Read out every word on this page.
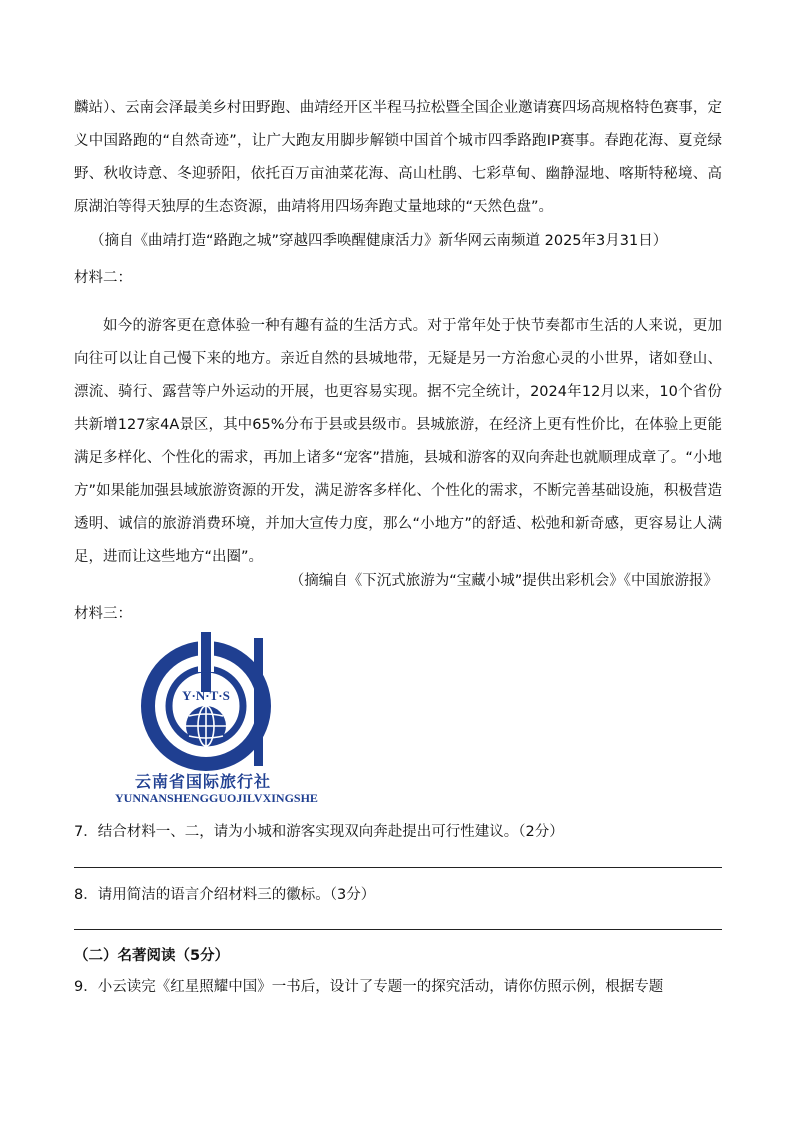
麟站）、云南会泽最美乡村田野跑、曲靖经开区半程马拉松暨全国企业邀请赛四场高规格特色赛事，定义中国路跑的“自然奇迹”，让广大跑友用脚步解锁中国首个城市四季路跑IP赛事。春跑花海、夏竞绿野、秋收诗意、冬迎骄阳，依托百万亩油菜花海、高山杜鹃、七彩草甸、幽静湿地、喀斯特秘境、高原湖泊等得天独厚的生态资源，曲靖将用四场奔跑丈量地球的“天然色盘”。
（摘自《曲靖打造“路跑之城”穿越四季唤醒健康活力》新华网云南频道 2025年3月31日）
材料二：
如今的游客更在意体验一种有趣有益的生活方式。对于常年处于快节奏都市生活的人来说，更加向往可以让自己慢下来的地方。亲近自然的县城地带，无疑是另一方治愈心灵的小世界，诸如登山、漂流、骑行、露营等户外运动的开展，也更容易实现。据不完全统计，2024年12月以来，10个省份共新增127家4A景区，其中65%分布于县或县级市。县城旅游，在经济上更有性价比，在体验上更能满足多样化、个性化的需求，再加上诸多“宠客”措施，县城和游客的双向奔赴也就顺理成章了。“小地方”如果能加强县域旅游资源的开发，满足游客多样化、个性化的需求，不断完善基础设施，积极营造透明、诚信的旅游消费环境，并加大宣传力度，那么“小地方”的舒适、松弛和新奇感，更容易让人满足，进而让这些地方“出圈”。
（摘编自《下沉式旅游为“宝藏小城”提供出彩机会》《中国旅游报》
材料三：
Y·N·T·S
云南省国际旅行社
YUNNANSHENGGUOJILVXINGSHE
7．结合材料一、二，请为小城和游客实现双向奔赴提出可行性建议。（2分）
8．请用简洁的语言介绍材料三的徽标。（3分）
（二）名著阅读（5分）
9．小云读完《红星照耀中国》一书后，设计了专题一的探究活动，请你仿照示例，根据专题
